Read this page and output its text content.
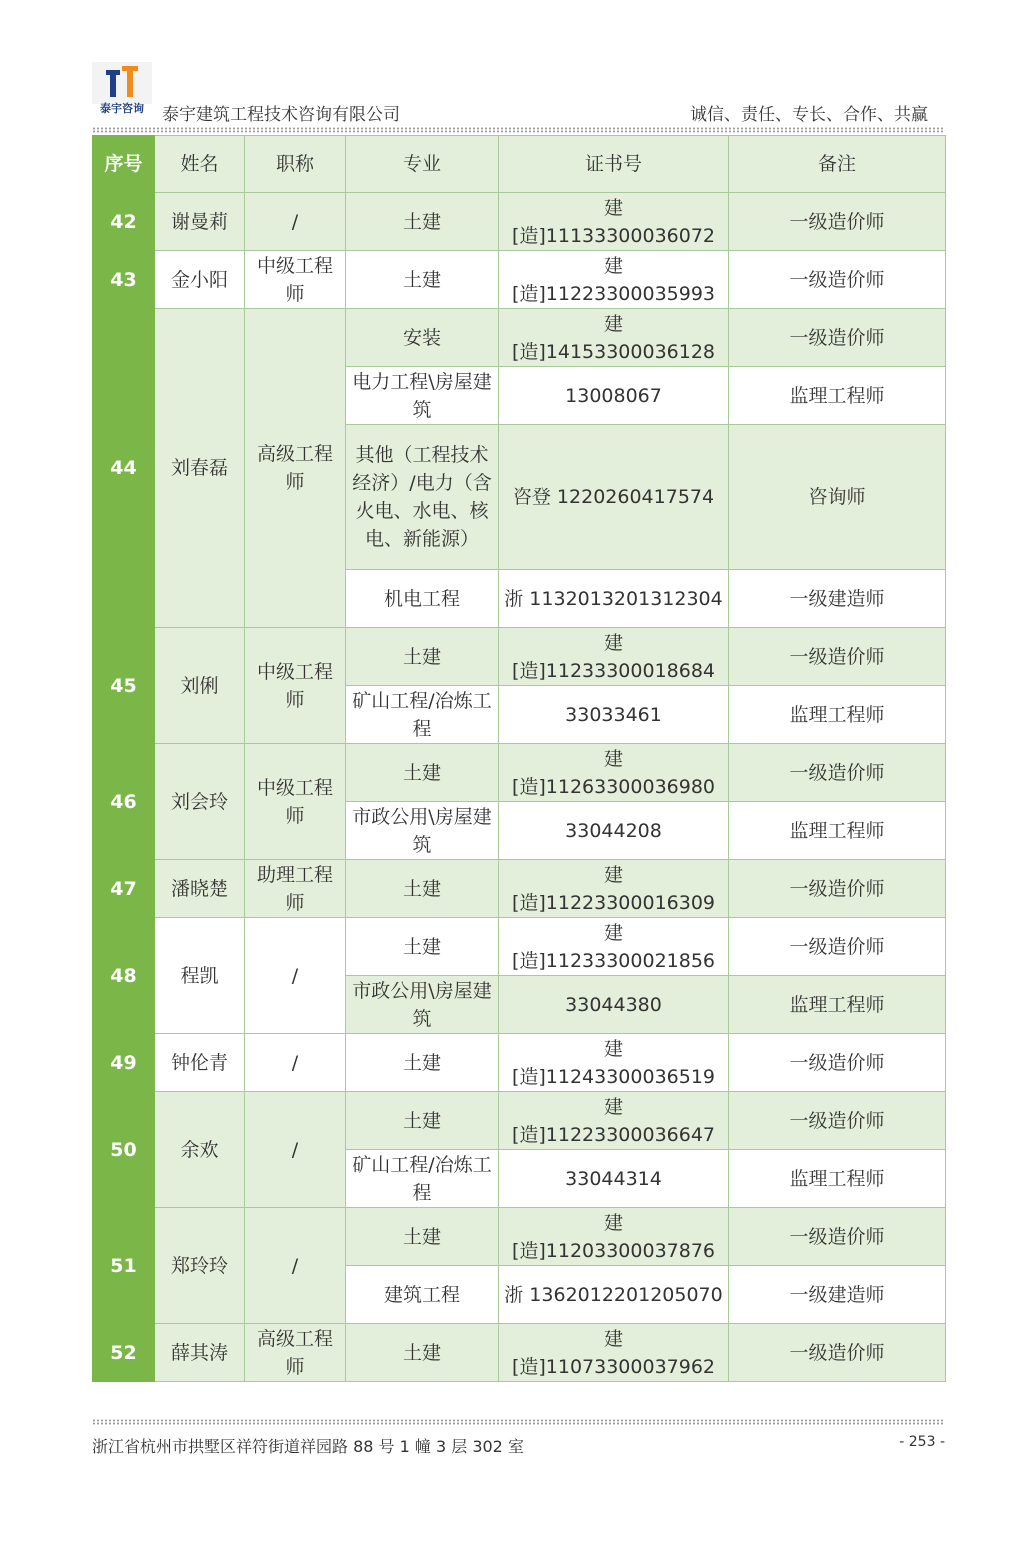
泰宇咨询	泰宇建筑工程技术咨询有限公司	诚信、责任、专长、合作、共赢
序号	姓名	职称	专业	证书号	备注
42	谢曼莉	/	土建	建[造]11133300036072	一级造价师
43	金小阳	中级工程师	土建	建[造]11223300035993	一级造价师
44	刘春磊	高级工程师	安装	建[造]14153300036128	一级造价师
			电力工程\房屋建筑	13008067	监理工程师
			其他（工程技术经济）/电力（含火电、水电、核电、新能源）	咨登 1220260417574	咨询师
			机电工程	浙 1132013201312304	一级建造师
45	刘俐	中级工程师	土建	建[造]11233300018684	一级造价师
			矿山工程/冶炼工程	33033461	监理工程师
46	刘会玲	中级工程师	土建	建[造]11263300036980	一级造价师
			市政公用\房屋建筑	33044208	监理工程师
47	潘晓楚	助理工程师	土建	建[造]11223300016309	一级造价师
48	程凯	/	土建	建[造]11233300021856	一级造价师
			市政公用\房屋建筑	33044380	监理工程师
49	钟伦青	/	土建	建[造]11243300036519	一级造价师
50	余欢	/	土建	建[造]11223300036647	一级造价师
			矿山工程/冶炼工程	33044314	监理工程师
51	郑玲玲	/	土建	建[造]11203300037876	一级造价师
			建筑工程	浙 1362012201205070	一级建造师
52	薛其涛	高级工程师	土建	建[造]11073300037962	一级造价师
浙江省杭州市拱墅区祥符街道祥园路 88 号 1 幢 3 层 302 室	- 253 -
